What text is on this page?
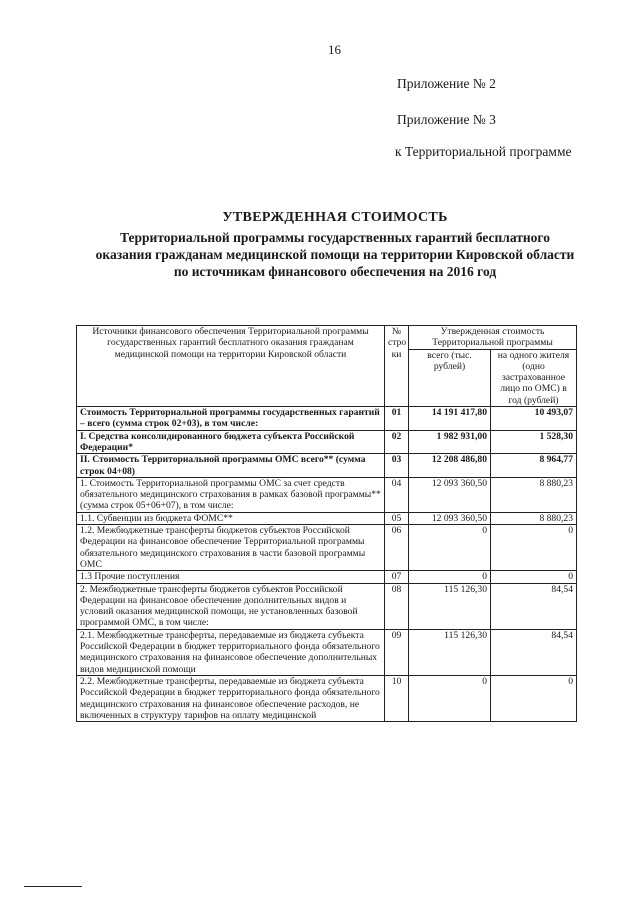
16
Приложение № 2
Приложение № 3
к Территориальной программе
УТВЕРЖДЕННАЯ СТОИМОСТЬ
Территориальной программы государственных гарантий бесплатного оказания гражданам медицинской помощи на территории Кировской области по источникам финансового обеспечения на 2016 год
Источники финансового обеспечения Территориальной программы государственных гарантий бесплатного оказания гражданам медицинской помощи на территории Кировской области	№ стро ки	Утвержденная стоимость Территориальной программы	
		всего (тыс. рублей)	на одного жителя (одно застрахованное лицо по ОМС) в год (рублей)
Стоимость Территориальной программы государственных гарантий – всего (сумма строк 02+03), в том числе:	01	14 191 417,80	10 493,07
I. Средства консолидированного бюджета субъекта Российской Федерации*	02	1 982 931,00	1 528,30
II. Стоимость Территориальной программы ОМС всего** (сумма строк 04+08)	03	12 208 486,80	8 964,77
1. Стоимость Территориальной программы ОМС за счет средств обязательного медицинского страхования в рамках базовой программы** (сумма строк 05+06+07), в том числе:	04	12 093 360,50	8 880,23
1.1. Субвенции из бюджета ФОМС**	05	12 093 360,50	8 880,23
1.2. Межбюджетные трансферты бюджетов субъектов Российской Федерации на финансовое обеспечение Территориальной программы обязательного медицинского страхования в части базовой программы ОМС	06	0	0
1.3 Прочие поступления	07	0	0
2. Межбюджетные трансферты бюджетов субъектов Российской Федерации на финансовое обеспечение дополнительных видов и условий оказания медицинской помощи, не установленных базовой программой ОМС, в том числе:	08	115 126,30	84,54
2.1. Межбюджетные трансферты, передаваемые из бюджета субъекта Российской Федерации в бюджет территориального фонда обязательного медицинского страхования на финансовое обеспечение дополнительных видов медицинской помощи	09	115 126,30	84,54
2.2. Межбюджетные трансферты, передаваемые из бюджета субъекта Российской Федерации в бюджет территориального фонда обязательного медицинского страхования на финансовое обеспечение расходов, не включенных в структуру тарифов на оплату медицинской	10	0	0
